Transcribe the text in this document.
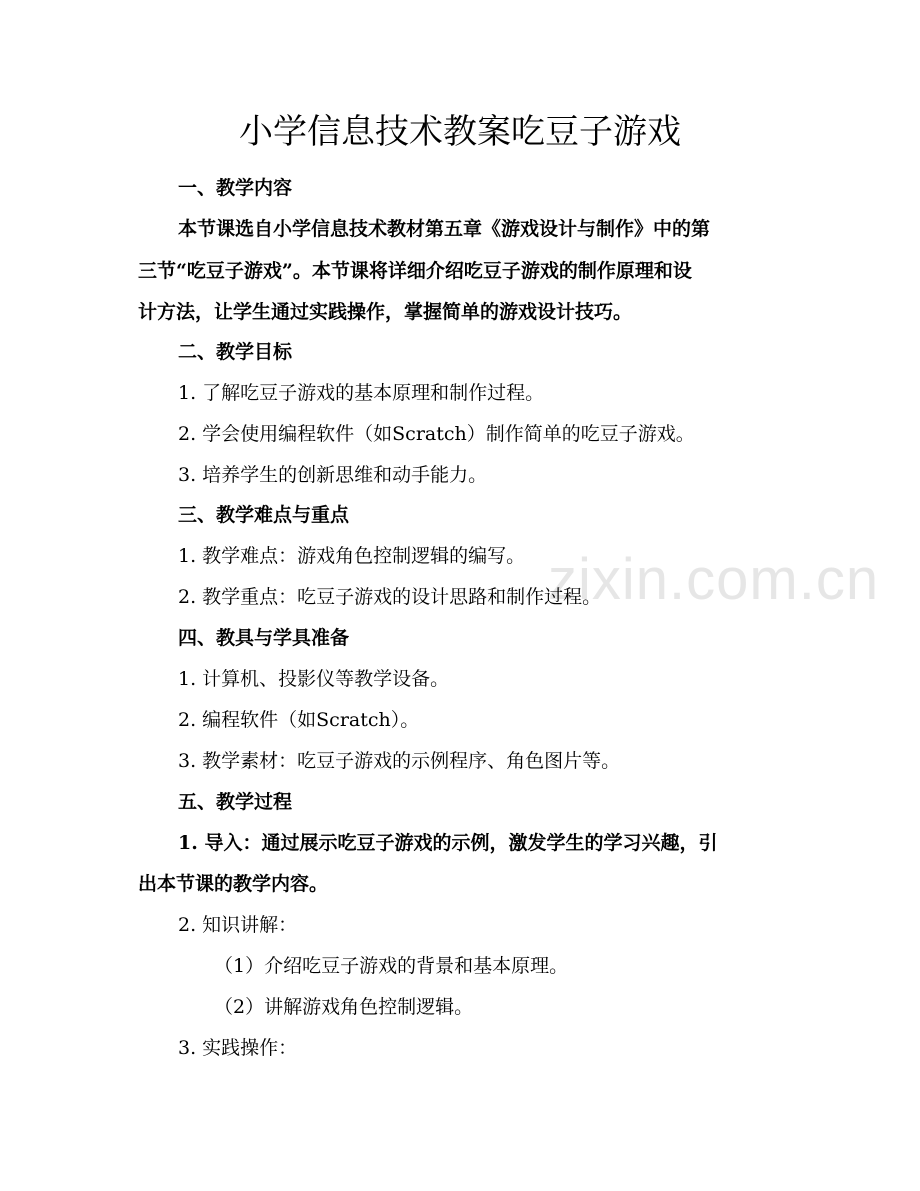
zixin.com.cn
小学信息技术教案吃豆子游戏
一、教学内容
本节课选自小学信息技术教材第五章《游戏设计与制作》中的第
三节“吃豆子游戏”。本节课将详细介绍吃豆子游戏的制作原理和设
计方法，让学生通过实践操作，掌握简单的游戏设计技巧。
二、教学目标
1. 了解吃豆子游戏的基本原理和制作过程。
2. 学会使用编程软件（如Scratch）制作简单的吃豆子游戏。
3. 培养学生的创新思维和动手能力。
三、教学难点与重点
1. 教学难点：游戏角色控制逻辑的编写。
2. 教学重点：吃豆子游戏的设计思路和制作过程。
四、教具与学具准备
1. 计算机、投影仪等教学设备。
2. 编程软件（如Scratch）。
3. 教学素材：吃豆子游戏的示例程序、角色图片等。
五、教学过程
1. 导入：通过展示吃豆子游戏的示例，激发学生的学习兴趣，引
出本节课的教学内容。
2. 知识讲解：
（1）介绍吃豆子游戏的背景和基本原理。
（2）讲解游戏角色控制逻辑。
3. 实践操作：
